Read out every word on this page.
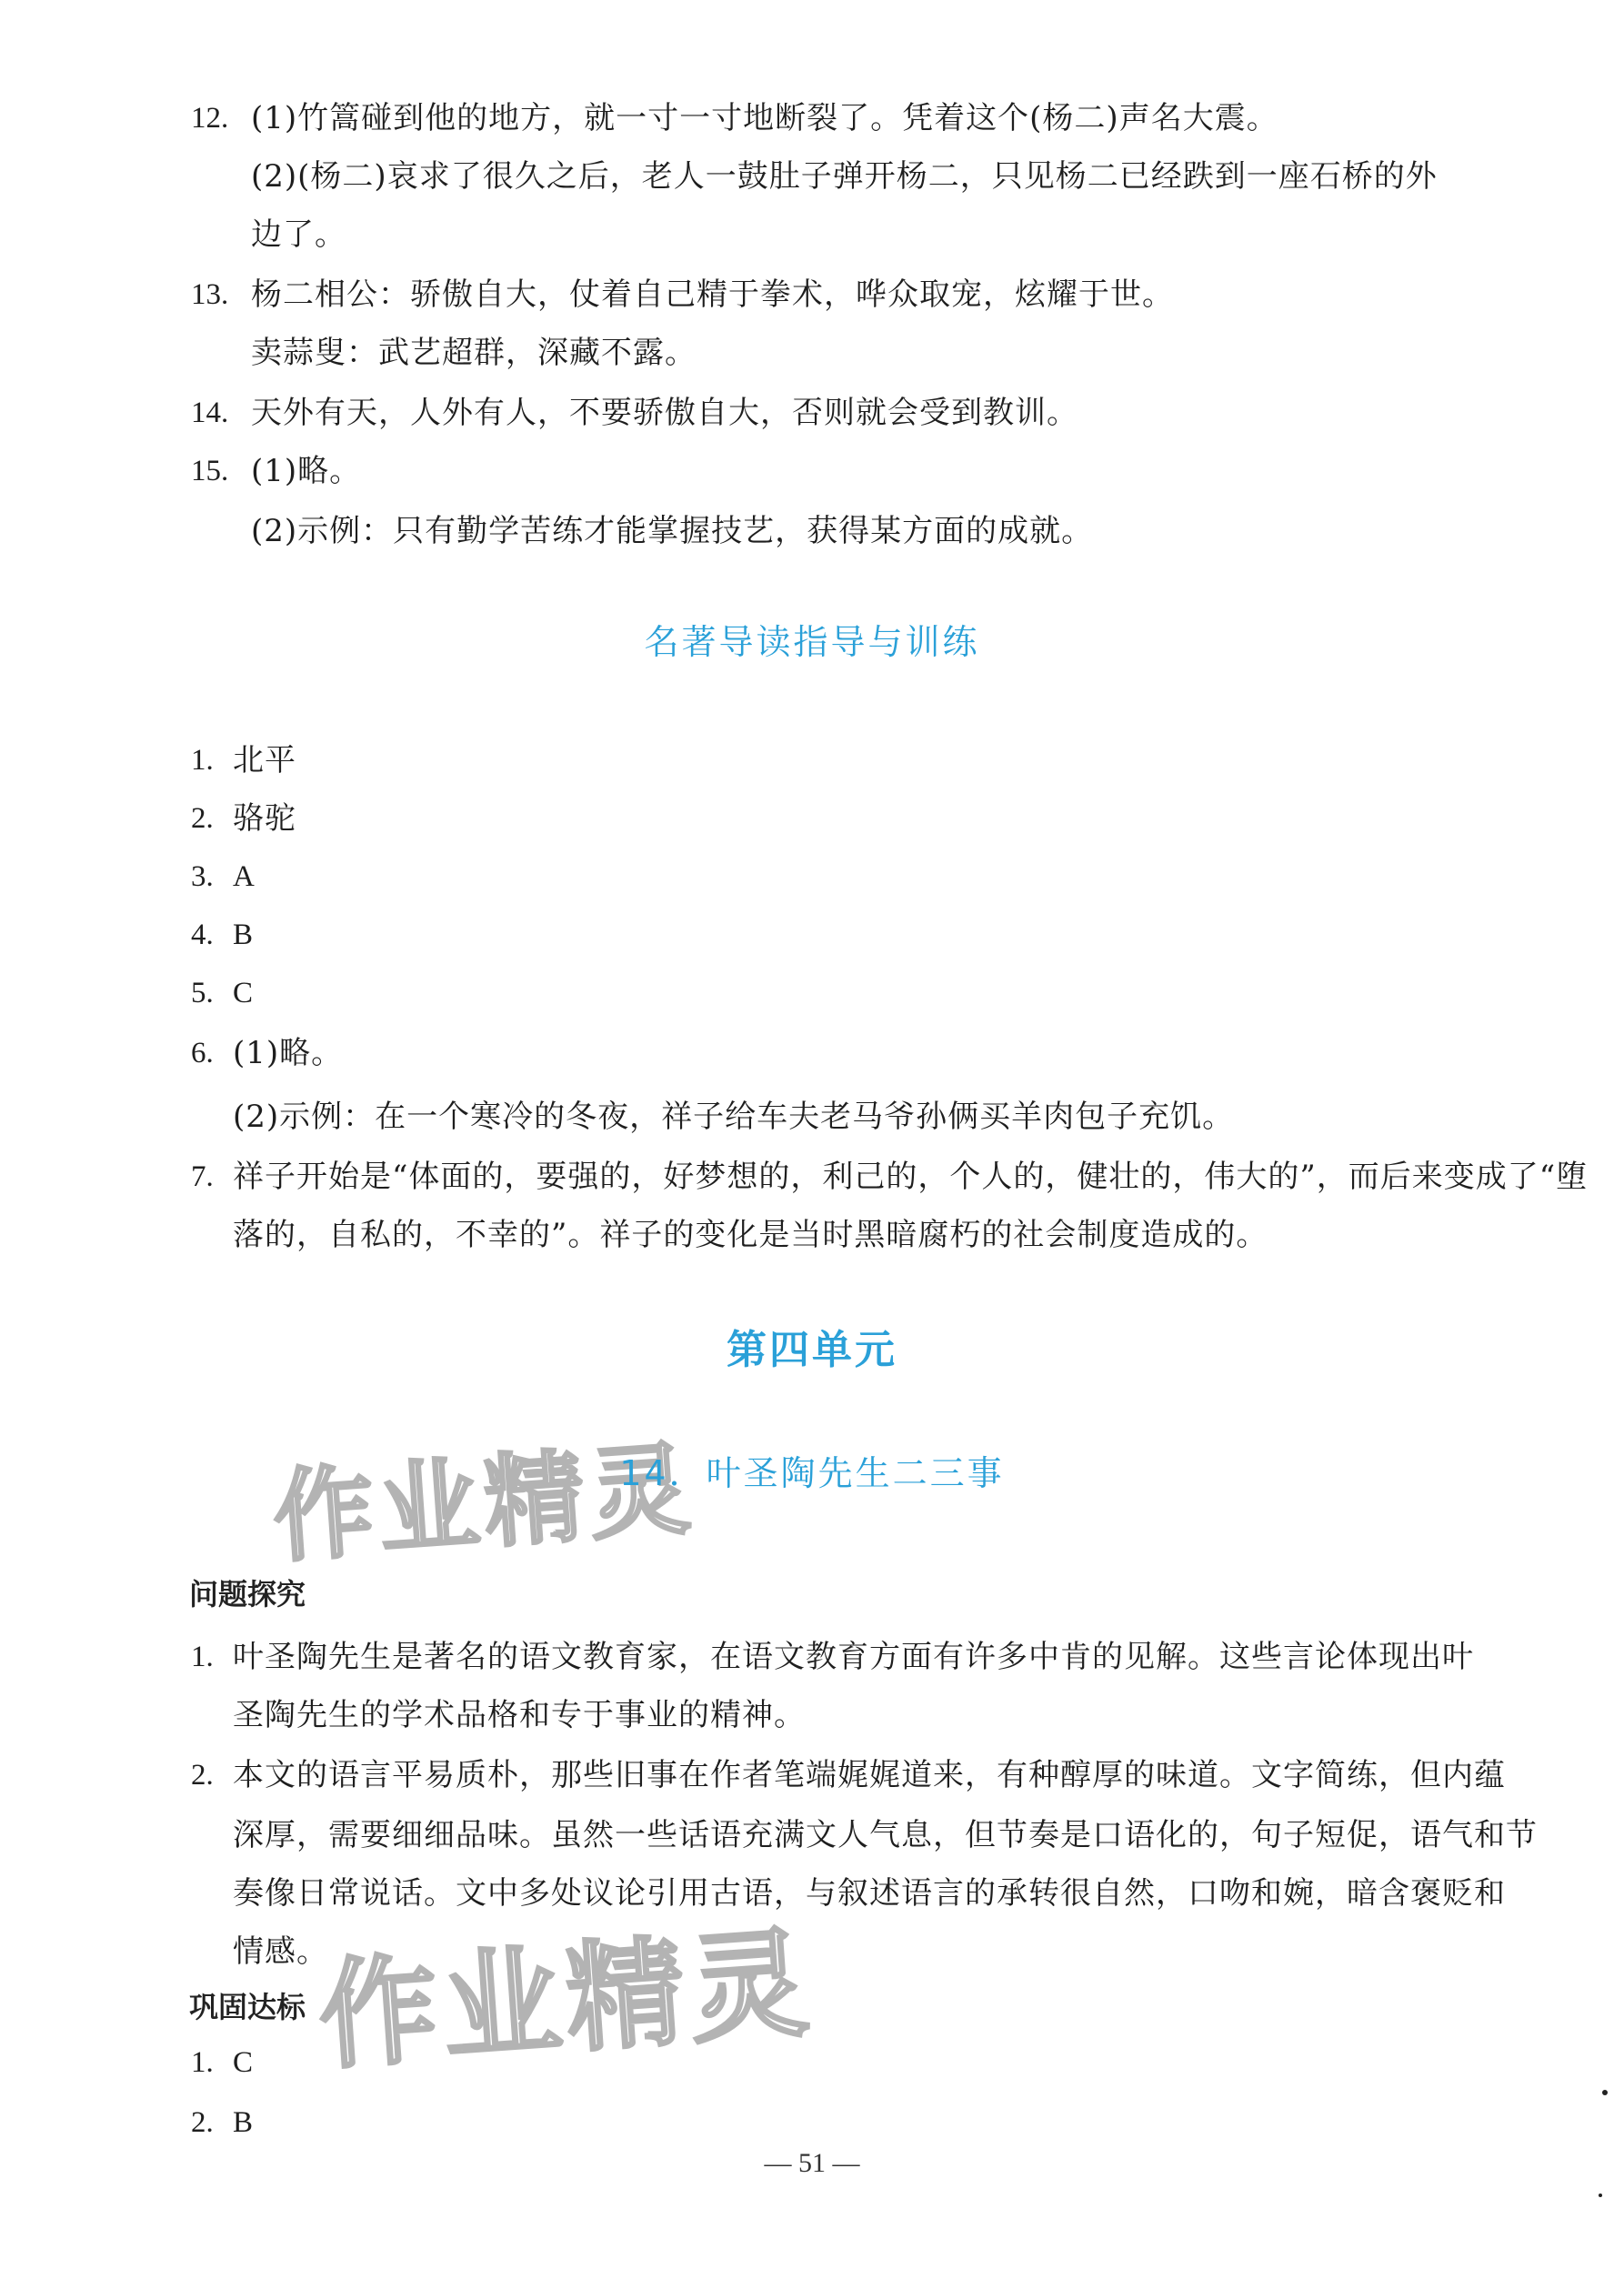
作业精灵
作业精灵
12. (1)竹篙碰到他的地方，就一寸一寸地断裂了。凭着这个(杨二)声名大震。
(2)(杨二)哀求了很久之后，老人一鼓肚子弹开杨二，只见杨二已经跌到一座石桥的外
边了。
13. 杨二相公：骄傲自大，仗着自己精于拳术，哗众取宠，炫耀于世。
卖蒜叟：武艺超群，深藏不露。
14. 天外有天，人外有人，不要骄傲自大，否则就会受到教训。
15. (1)略。
(2)示例：只有勤学苦练才能掌握技艺，获得某方面的成就。
名著导读指导与训练
1. 北平
2. 骆驼
3. A
4. B
5. C
6. (1)略。
(2)示例：在一个寒冷的冬夜，祥子给车夫老马爷孙俩买羊肉包子充饥。
7. 祥子开始是“体面的，要强的，好梦想的，利己的，个人的，健壮的，伟大的”，而后来变成了“堕
落的，自私的，不幸的”。祥子的变化是当时黑暗腐朽的社会制度造成的。
第四单元
14．叶圣陶先生二三事
问题探究
1. 叶圣陶先生是著名的语文教育家，在语文教育方面有许多中肯的见解。这些言论体现出叶
圣陶先生的学术品格和专于事业的精神。
2. 本文的语言平易质朴，那些旧事在作者笔端娓娓道来，有种醇厚的味道。文字简练，但内蕴
深厚，需要细细品味。虽然一些话语充满文人气息，但节奏是口语化的，句子短促，语气和节
奏像日常说话。文中多处议论引用古语，与叙述语言的承转很自然，口吻和婉，暗含褒贬和
情感。
巩固达标
1. C
2. B
— 51 —
